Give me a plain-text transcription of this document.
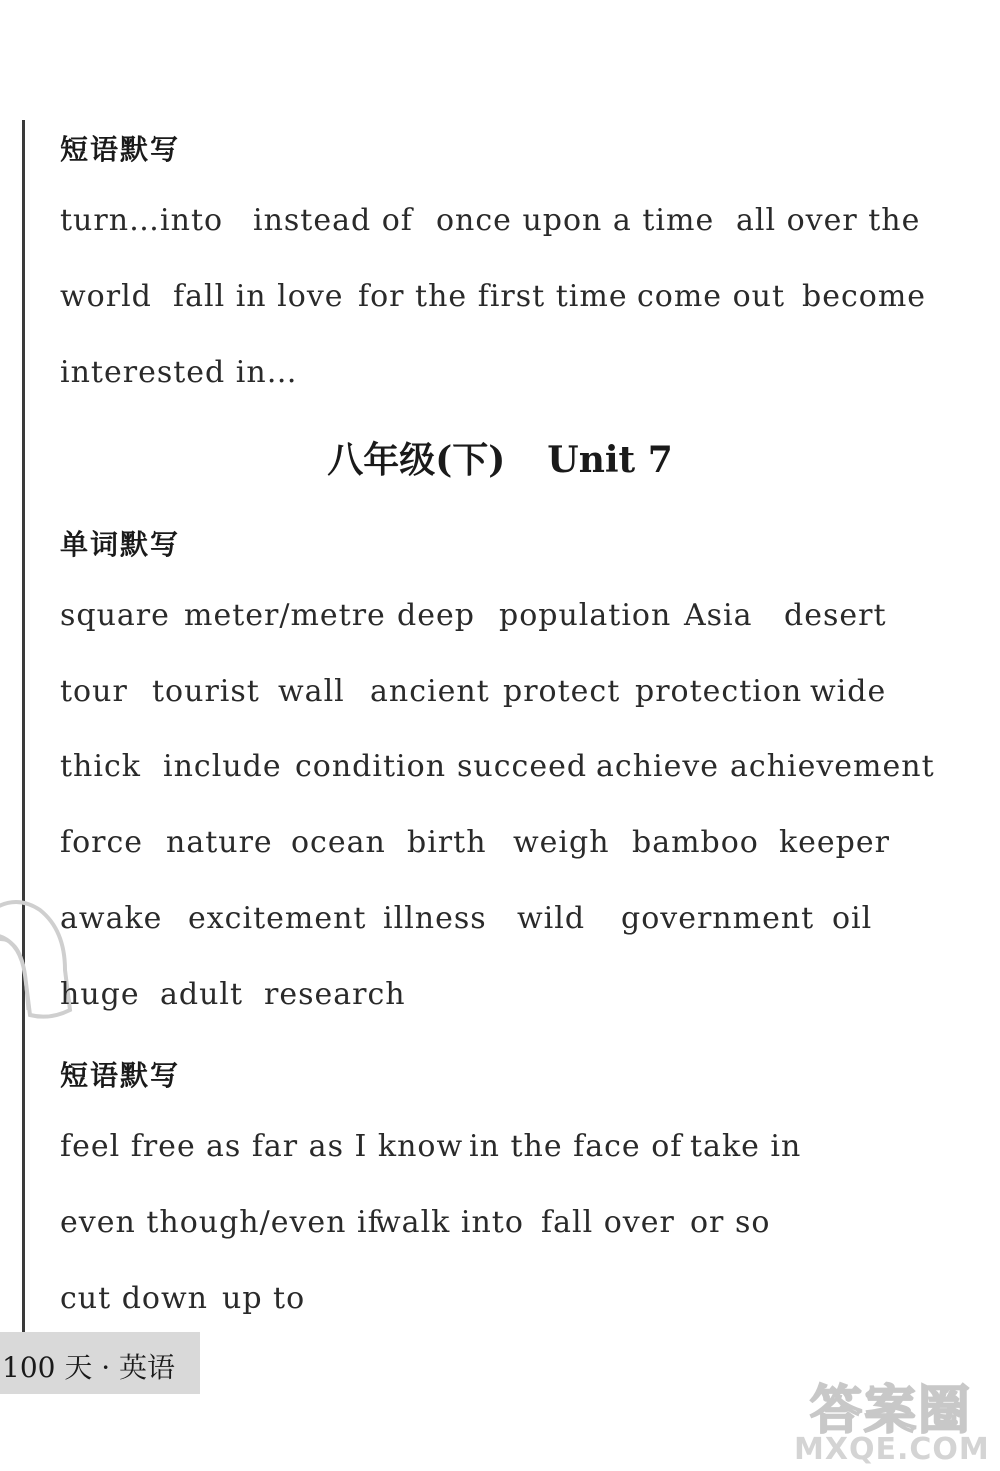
短语默写
turn…into instead of once upon a time all over the
world fall in love for the first time come out become
interested in…
八年级(下) Unit 7
单词默写
square meter/metre deep population Asia desert
tour tourist wall ancient protect protection wide
thick include condition succeed achieve achievement
force nature ocean birth weigh bamboo keeper
awake excitement illness wild government oil
huge adult research
短语默写
feel free as far as I know in the face of take in
even though/even if
walk into fall over or so
cut down up to
100 天 · 英语
答案圈
MXQE.COM
